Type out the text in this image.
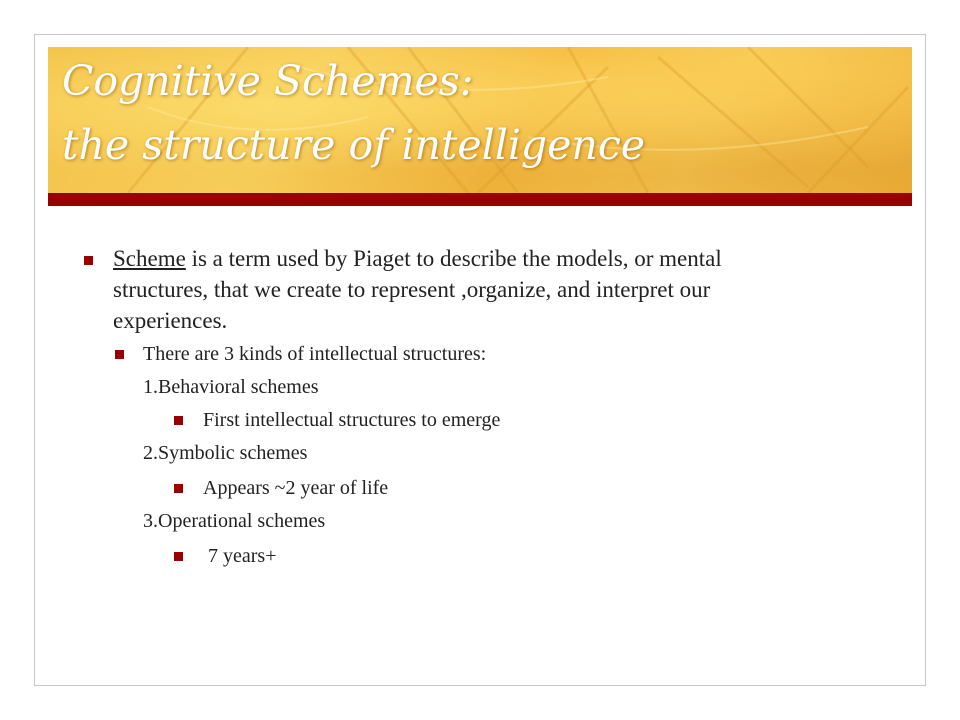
Cognitive Schemes:
the structure of intelligence
Scheme is a term used by Piaget to describe the models, or mental
structures, that we create to represent ,organize, and interpret our
experiences.
There are 3 kinds of intellectual structures:
1.Behavioral schemes
First intellectual structures to emerge
2.Symbolic schemes
Appears ~2 year of life
3.Operational schemes
7 years+
